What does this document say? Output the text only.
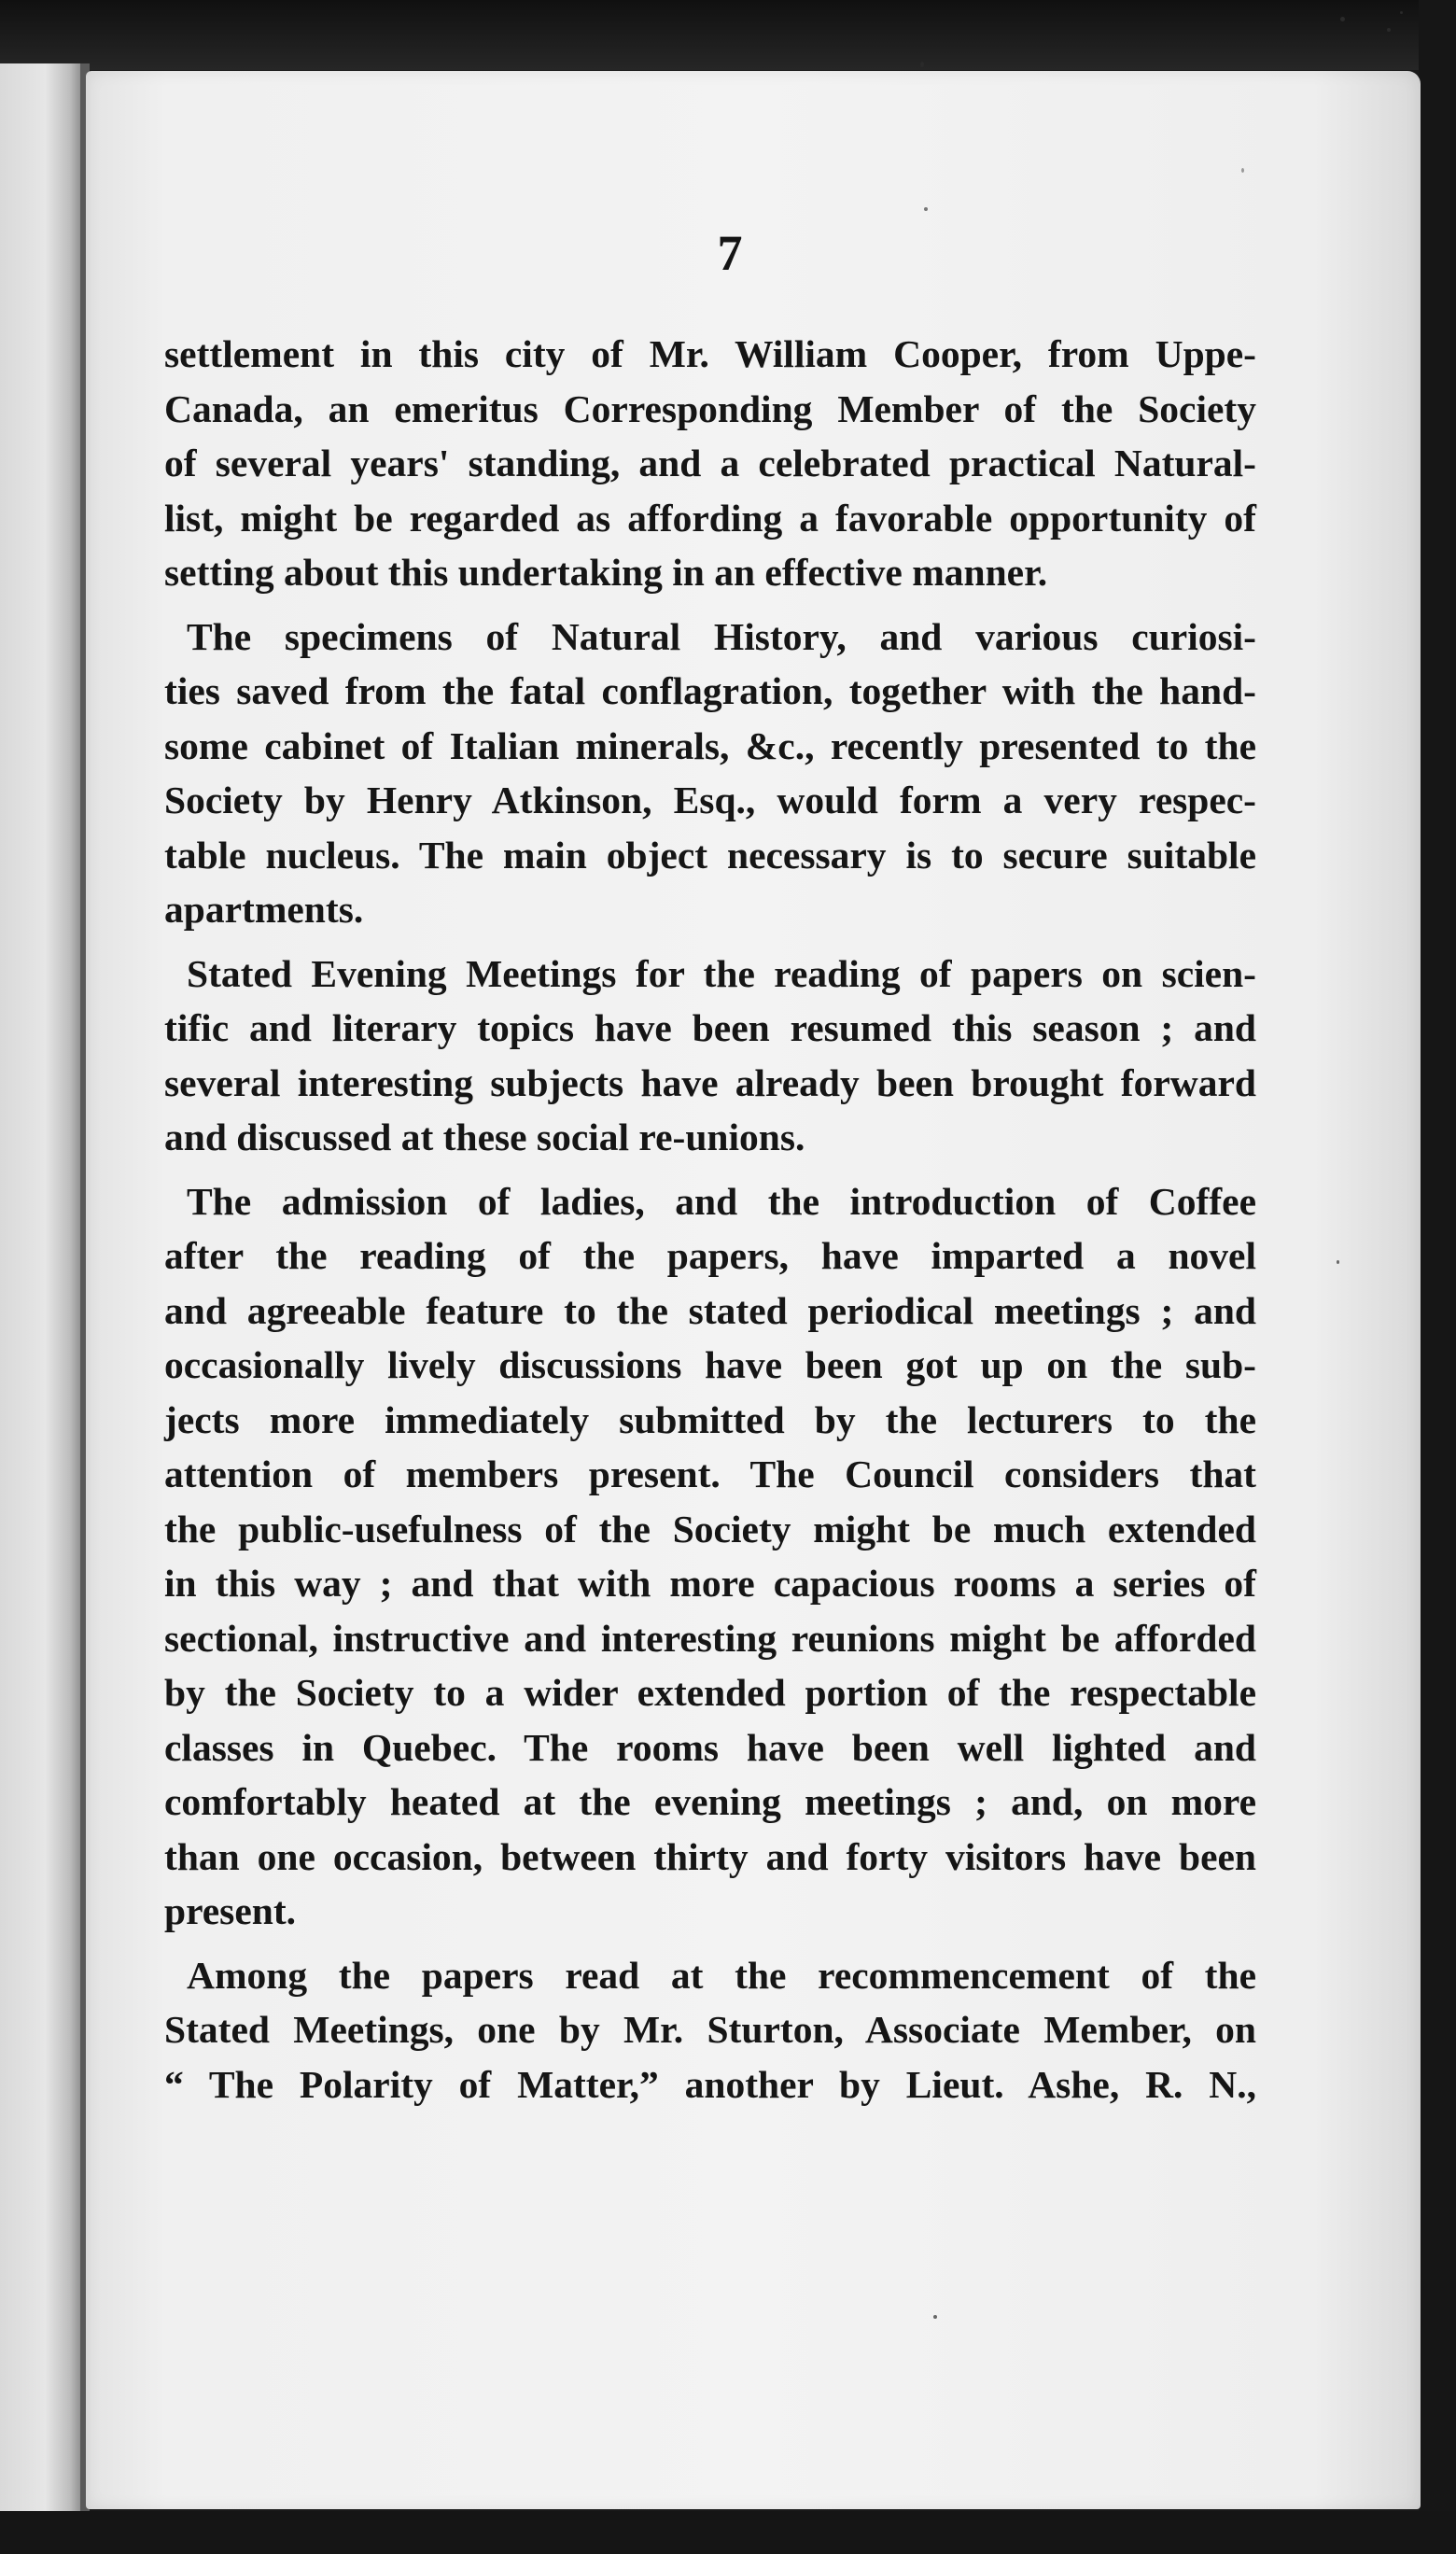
7

settlement in this city of Mr. William Cooper, from Uppe-
Canada, an emeritus Corresponding Member of the Society
of several years' standing, and a celebrated practical Natural-
list, might be regarded as affording a favorable opportunity of
setting about this undertaking in an effective manner.

The specimens of Natural History, and various curiosi-
ties saved from the fatal conflagration, together with the hand-
some cabinet of Italian minerals, &c., recently presented to the
Society by Henry Atkinson, Esq., would form a very respec-
table nucleus. The main object necessary is to secure suitable
apartments.

Stated Evening Meetings for the reading of papers on scien-
tific and literary topics have been resumed this season ; and
several interesting subjects have already been brought forward
and discussed at these social re-unions.

The admission of ladies, and the introduction of Coffee
after the reading of the papers, have imparted a novel
and agreeable feature to the stated periodical meetings ; and
occasionally lively discussions have been got up on the sub-
jects more immediately submitted by the lecturers to the
attention of members present. The Council considers that
the public-usefulness of the Society might be much extended
in this way ; and that with more capacious rooms a series of
sectional, instructive and interesting reunions might be afforded
by the Society to a wider extended portion of the respectable
classes in Quebec. The rooms have been well lighted and
comfortably heated at the evening meetings ; and, on more
than one occasion, between thirty and forty visitors have been
present.

Among the papers read at the recommencement of the
Stated Meetings, one by Mr. Sturton, Associate Member, on
“ The Polarity of Matter,” another by Lieut. Ashe, R. N.,
